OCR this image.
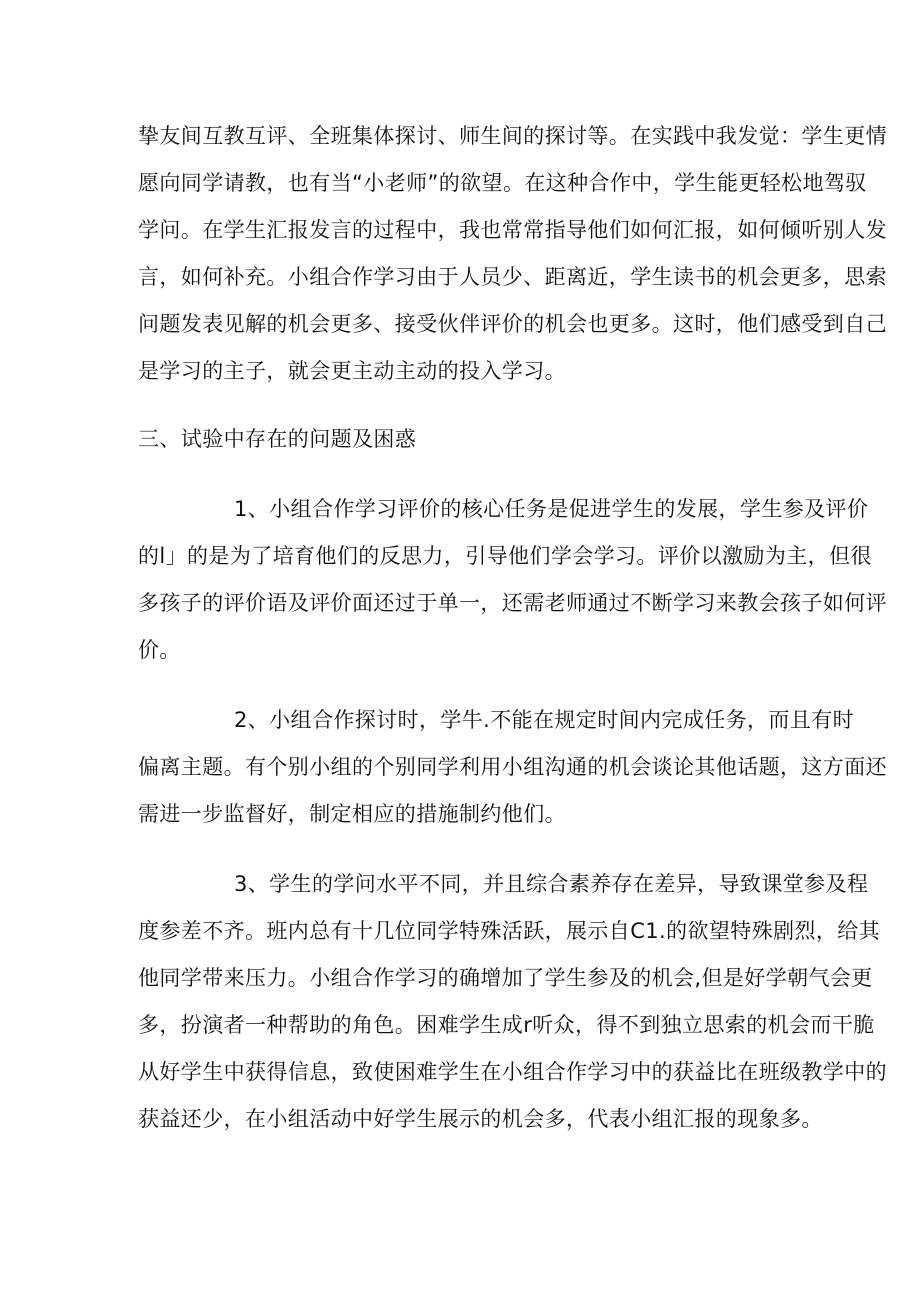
挚友间互教互评、全班集体探讨、师生间的探讨等。在实践中我发觉：学生更情
愿向同学请教，也有当“小老师”的欲望。在这种合作中，学生能更轻松地驾驭
学问。在学生汇报发言的过程中，我也常常指导他们如何汇报，如何倾听别人发
言，如何补充。小组合作学习由于人员少、距离近，学生读书的机会更多，思索
问题发表见解的机会更多、接受伙伴评价的机会也更多。这时，他们感受到自己
是学习的主子，就会更主动主动的投入学习。
三、试验中存在的问题及困惑
1、小组合作学习评价的核心任务是促进学生的发展，学生参及评价
的l」的是为了培育他们的反思力，引导他们学会学习。评价以激励为主，但很
多孩子的评价语及评价面还过于单一，还需老师通过不断学习来教会孩子如何评
价。
2、小组合作探讨时，学牛.不能在规定时间内完成任务，而且有时
偏离主题。有个别小组的个别同学利用小组沟通的机会谈论其他话题，这方面还
需进一步监督好，制定相应的措施制约他们。
3、学生的学问水平不同，并且综合素养存在差异，导致课堂参及程
度参差不齐。班内总有十几位同学特殊活跃，展示自C1.的欲望特殊剧烈，给其
他同学带来压力。小组合作学习的确增加了学生参及的机会,但是好学朝气会更
多，扮演者一种帮助的角色。困难学生成r听众，得不到独立思索的机会而干脆
从好学生中获得信息，致使困难学生在小组合作学习中的获益比在班级教学中的
获益还少，在小组活动中好学生展示的机会多，代表小组汇报的现象多。
